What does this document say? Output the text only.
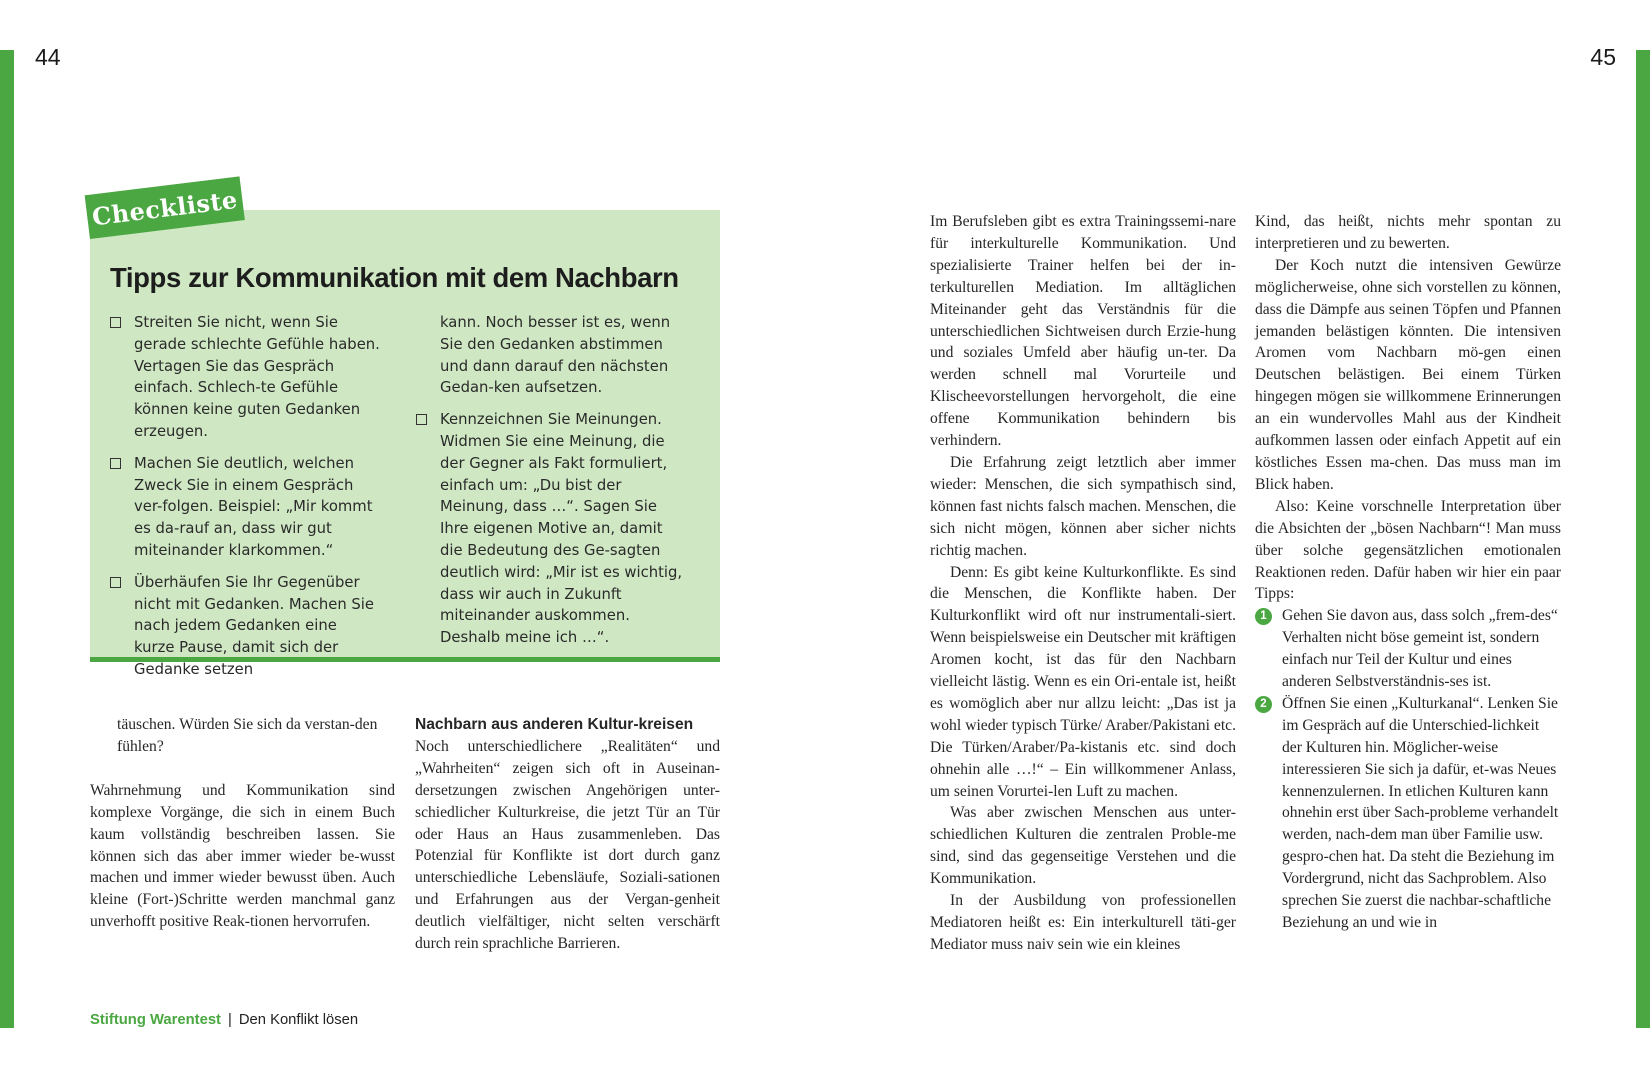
44	45
Checkliste
Tipps zur Kommunikation mit dem Nachbarn
Streiten Sie nicht, wenn Sie gerade schlechte Gefühle haben. Vertagen Sie das Gespräch einfach. Schlech-te Gefühle können keine guten Gedanken erzeugen.
Machen Sie deutlich, welchen Zweck Sie in einem Gespräch ver-folgen. Beispiel: „Mir kommt es da-rauf an, dass wir gut miteinander klarkommen.“
Überhäufen Sie Ihr Gegenüber nicht mit Gedanken. Machen Sie nach jedem Gedanken eine kurze Pause, damit sich der Gedanke setzen
kann. Noch besser ist es, wenn Sie den Gedanken abstimmen und dann darauf den nächsten Gedan-ken aufsetzen.
Kennzeichnen Sie Meinungen. Widmen Sie eine Meinung, die der Gegner als Fakt formuliert, einfach um: „Du bist der Meinung, dass …“. Sagen Sie Ihre eigenen Motive an, damit die Bedeutung des Ge-sagten deutlich wird: „Mir ist es wichtig, dass wir auch in Zukunft miteinander auskommen. Deshalb meine ich …“.

täuschen. Würden Sie sich da verstan-den fühlen?

Wahrnehmung und Kommunikation sind komplexe Vorgänge, die sich in einem Buch kaum vollständig beschreiben lassen. Sie können sich das aber immer wieder be-wusst machen und immer wieder bewusst üben. Auch kleine (Fort-)Schritte werden manchmal ganz unverhofft positive Reak-tionen hervorrufen.

Nachbarn aus anderen Kultur-kreisen

Noch unterschiedlichere „Realitäten“ und „Wahrheiten“ zeigen sich oft in Auseinan-dersetzungen zwischen Angehörigen unter-schiedlicher Kulturkreise, die jetzt Tür an Tür oder Haus an Haus zusammenleben. Das Potenzial für Konflikte ist dort durch ganz unterschiedliche Lebensläufe, Soziali-sationen und Erfahrungen aus der Vergan-genheit deutlich vielfältiger, nicht selten verschärft durch rein sprachliche Barrieren.

Im Berufsleben gibt es extra Trainingssemi-nare für interkulturelle Kommunikation. Und spezialisierte Trainer helfen bei der in-terkulturellen Mediation. Im alltäglichen Miteinander geht das Verständnis für die unterschiedlichen Sichtweisen durch Erzie-hung und soziales Umfeld aber häufig un-ter. Da werden schnell mal Vorurteile und Klischeevorstellungen hervorgeholt, die eine offene Kommunikation behindern bis verhindern.

Die Erfahrung zeigt letztlich aber immer wieder: Menschen, die sich sympathisch sind, können fast nichts falsch machen. Menschen, die sich nicht mögen, können aber sicher nichts richtig machen.

Denn: Es gibt keine Kulturkonflikte. Es sind die Menschen, die Konflikte haben. Der Kulturkonflikt wird oft nur instrumentali-siert. Wenn beispielsweise ein Deutscher mit kräftigen Aromen kocht, ist das für den Nachbarn vielleicht lästig. Wenn es ein Ori-entale ist, heißt es womöglich aber nur allzu leicht: „Das ist ja wohl wieder typisch Türke/ Araber/Pakistani etc. Die Türken/Araber/Pa-kistanis etc. sind doch ohnehin alle …!“ – Ein willkommener Anlass, um seinen Vorurtei-len Luft zu machen.

Was aber zwischen Menschen aus unter-schiedlichen Kulturen die zentralen Proble-me sind, sind das gegenseitige Verstehen und die Kommunikation.

In der Ausbildung von professionellen Mediatoren heißt es: Ein interkulturell täti-ger Mediator muss naiv sein wie ein kleines

Kind, das heißt, nichts mehr spontan zu interpretieren und zu bewerten.

Der Koch nutzt die intensiven Gewürze möglicherweise, ohne sich vorstellen zu können, dass die Dämpfe aus seinen Töpfen und Pfannen jemanden belästigen könnten. Die intensiven Aromen vom Nachbarn mö-gen einen Deutschen belästigen. Bei einem Türken hingegen mögen sie willkommene Erinnerungen an ein wundervolles Mahl aus der Kindheit aufkommen lassen oder einfach Appetit auf ein köstliches Essen ma-chen. Das muss man im Blick haben.

Also: Keine vorschnelle Interpretation über die Absichten der „bösen Nachbarn“! Man muss über solche gegensätzlichen emotionalen Reaktionen reden. Dafür haben wir hier ein paar Tipps:

1 Gehen Sie davon aus, dass solch „frem-des“ Verhalten nicht böse gemeint ist, sondern einfach nur Teil der Kultur und eines anderen Selbstverständnis-ses ist.
2 Öffnen Sie einen „Kulturkanal“. Lenken Sie im Gespräch auf die Unterschied-lichkeit der Kulturen hin. Möglicher-weise interessieren Sie sich ja dafür, et-was Neues kennenzulernen. In etlichen Kulturen kann ohnehin erst über Sach-probleme verhandelt werden, nach-dem man über Familie usw. gespro-chen hat. Da steht die Beziehung im Vordergrund, nicht das Sachproblem. Also sprechen Sie zuerst die nachbar-schaftliche Beziehung an und wie in
Stiftung Warentest | Den Konflikt lösen
